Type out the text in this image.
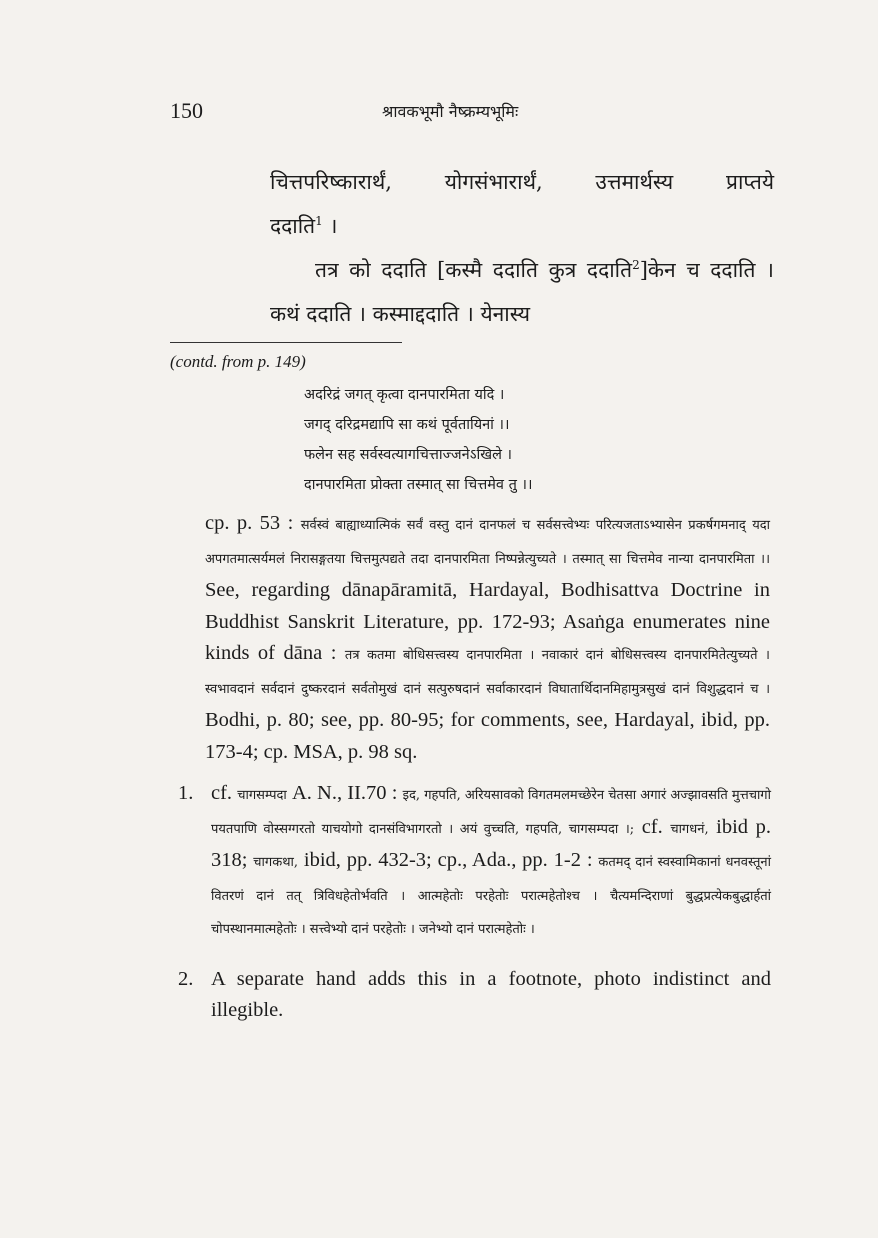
150	श्रावकभूमौ नैष्क्रम्यभूमिः

चित्तपरिष्कारार्थं, योगसंभारार्थं, उत्तमार्थस्य प्राप्तये

ददाति$^1$ ।

तत्र को ददाति [कस्मै ददाति कुत्र ददाति$^2$]केन च ददाति । कथं ददाति । कस्माद्ददाति । येनास्य

(contd. from p. 149)

अदरिद्रं जगत् कृत्वा दानपारमिता यदि ।
जगद् दरिद्रमद्यापि सा कथं पूर्वतायिनां ।।
फलेन सह सर्वस्वत्यागचित्ताज्जनेऽखिले ।
दानपारमिता प्रोक्ता तस्मात् सा चित्तमेव तु ।।
cp. p. 53 : सर्वस्वं बाह्याध्यात्मिकं सर्वं वस्तु दानं दानफलं च सर्वसत्त्वेभ्यः परित्यजताऽभ्यासेन प्रकर्षगमनाद् यदा अपगतमात्सर्यमलं निरासङ्गतया चित्तमुत्पद्यते तदा दानपारमिता निष्पन्नेत्युच्यते । तस्मात् सा चित्तमेव नान्या दानपारमिता ।। See, regarding dānapāramitā, Hardayal, Bodhisattva Doctrine in Buddhist Sanskrit Literature, pp. 172-93; Asaṅga enumerates nine kinds of dāna : तत्र कतमा बोधिसत्त्वस्य दानपारमिता । नवाकारं दानं बोधिसत्त्वस्य दानपारमितेत्युच्यते । स्वभावदानं सर्वदानं दुष्करदानं सर्वतोमुखं दानं सत्पुरुषदानं सर्वाकारदानं विघातार्थिदानमिहामुत्रसुखं दानं विशुद्धदानं च । Bodhi, p. 80; see, pp. 80-95; for comments, see, Hardayal, ibid, pp. 173-4; cp. MSA, p. 98 sq.
1. cf. चागसम्पदा A. N., II.70 : इद, गहपति, अरियसावको विगतमलमच्छेरेन चेतसा अगारं अज्झावसति मुत्तचागो पयतपाणि वोस्सग्गरतो याचयोगो दानसंविभागरतो । अयं वुच्चति, गहपति, चागसम्पदा ।; cf. चागधनं, ibid p. 318; चागकथा, ibid, pp. 432-3; cp., Ada., pp. 1-2 : कतमद् दानं स्वस्वामिकानां धनवस्तूनां वितरणं दानं तत् त्रिविधहेतोर्भवति । आत्महेतोः परहेतोः परात्महेतोश्च । चैत्यमन्दिराणां बुद्धप्रत्येकबुद्धार्हतां चोपस्थानमात्महेतोः । सत्त्वेभ्यो दानं परहेतोः । जनेभ्यो दानं परात्महेतोः ।
2. A separate hand adds this in a footnote, photo indistinct and illegible.
